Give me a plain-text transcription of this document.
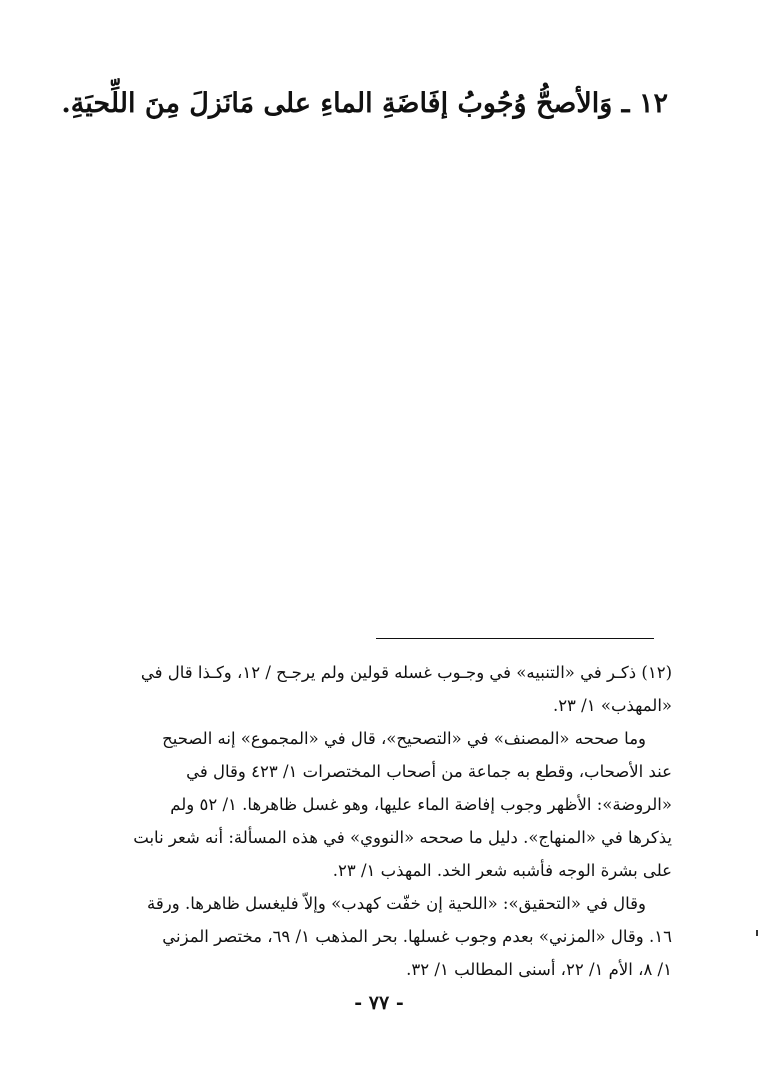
١٢ ـ وَالأصحُّ وُجُوبُ إفَاضَةِ الماءِ على مَانَزلَ مِنَ اللِّحيَةِ.
(١٢) ذكـر في «التنبيه» في وجـوب غسله قولين ولم يرجـح / ١٢، وكـذا قال في
«المهذب» ١/ ٢٣.
وما صححه «المصنف» في «التصحيح»، قال في «المجموع» إنه الصحيح
عند الأصحاب، وقطع به جماعة من أصحاب المختصرات ١/ ٤٢٣ وقال في
«الروضة»: الأظهر وجوب إفاضة الماء عليها، وهو غسل ظاهرها. ١/ ٥٢ ولم
يذكرها في «المنهاج». دليل ما صححه «النووي» في هذه المسألة: أنه شعر نابت
على بشرة الوجه فأشبه شعر الخد. المهذب ١/ ٢٣.
وقال في «التحقيق»: «اللحية إن خفّت كهدب» وإلاّ فليغسل ظاهرها. ورقة
١٦. وقال «المزني» بعدم وجوب غسلها. بحر المذهب ١/ ٦٩، مختصر المزني
١/ ٨، الأم ١/ ٢٢، أسنى المطالب ١/ ٣٢.
- ٧٧ -
